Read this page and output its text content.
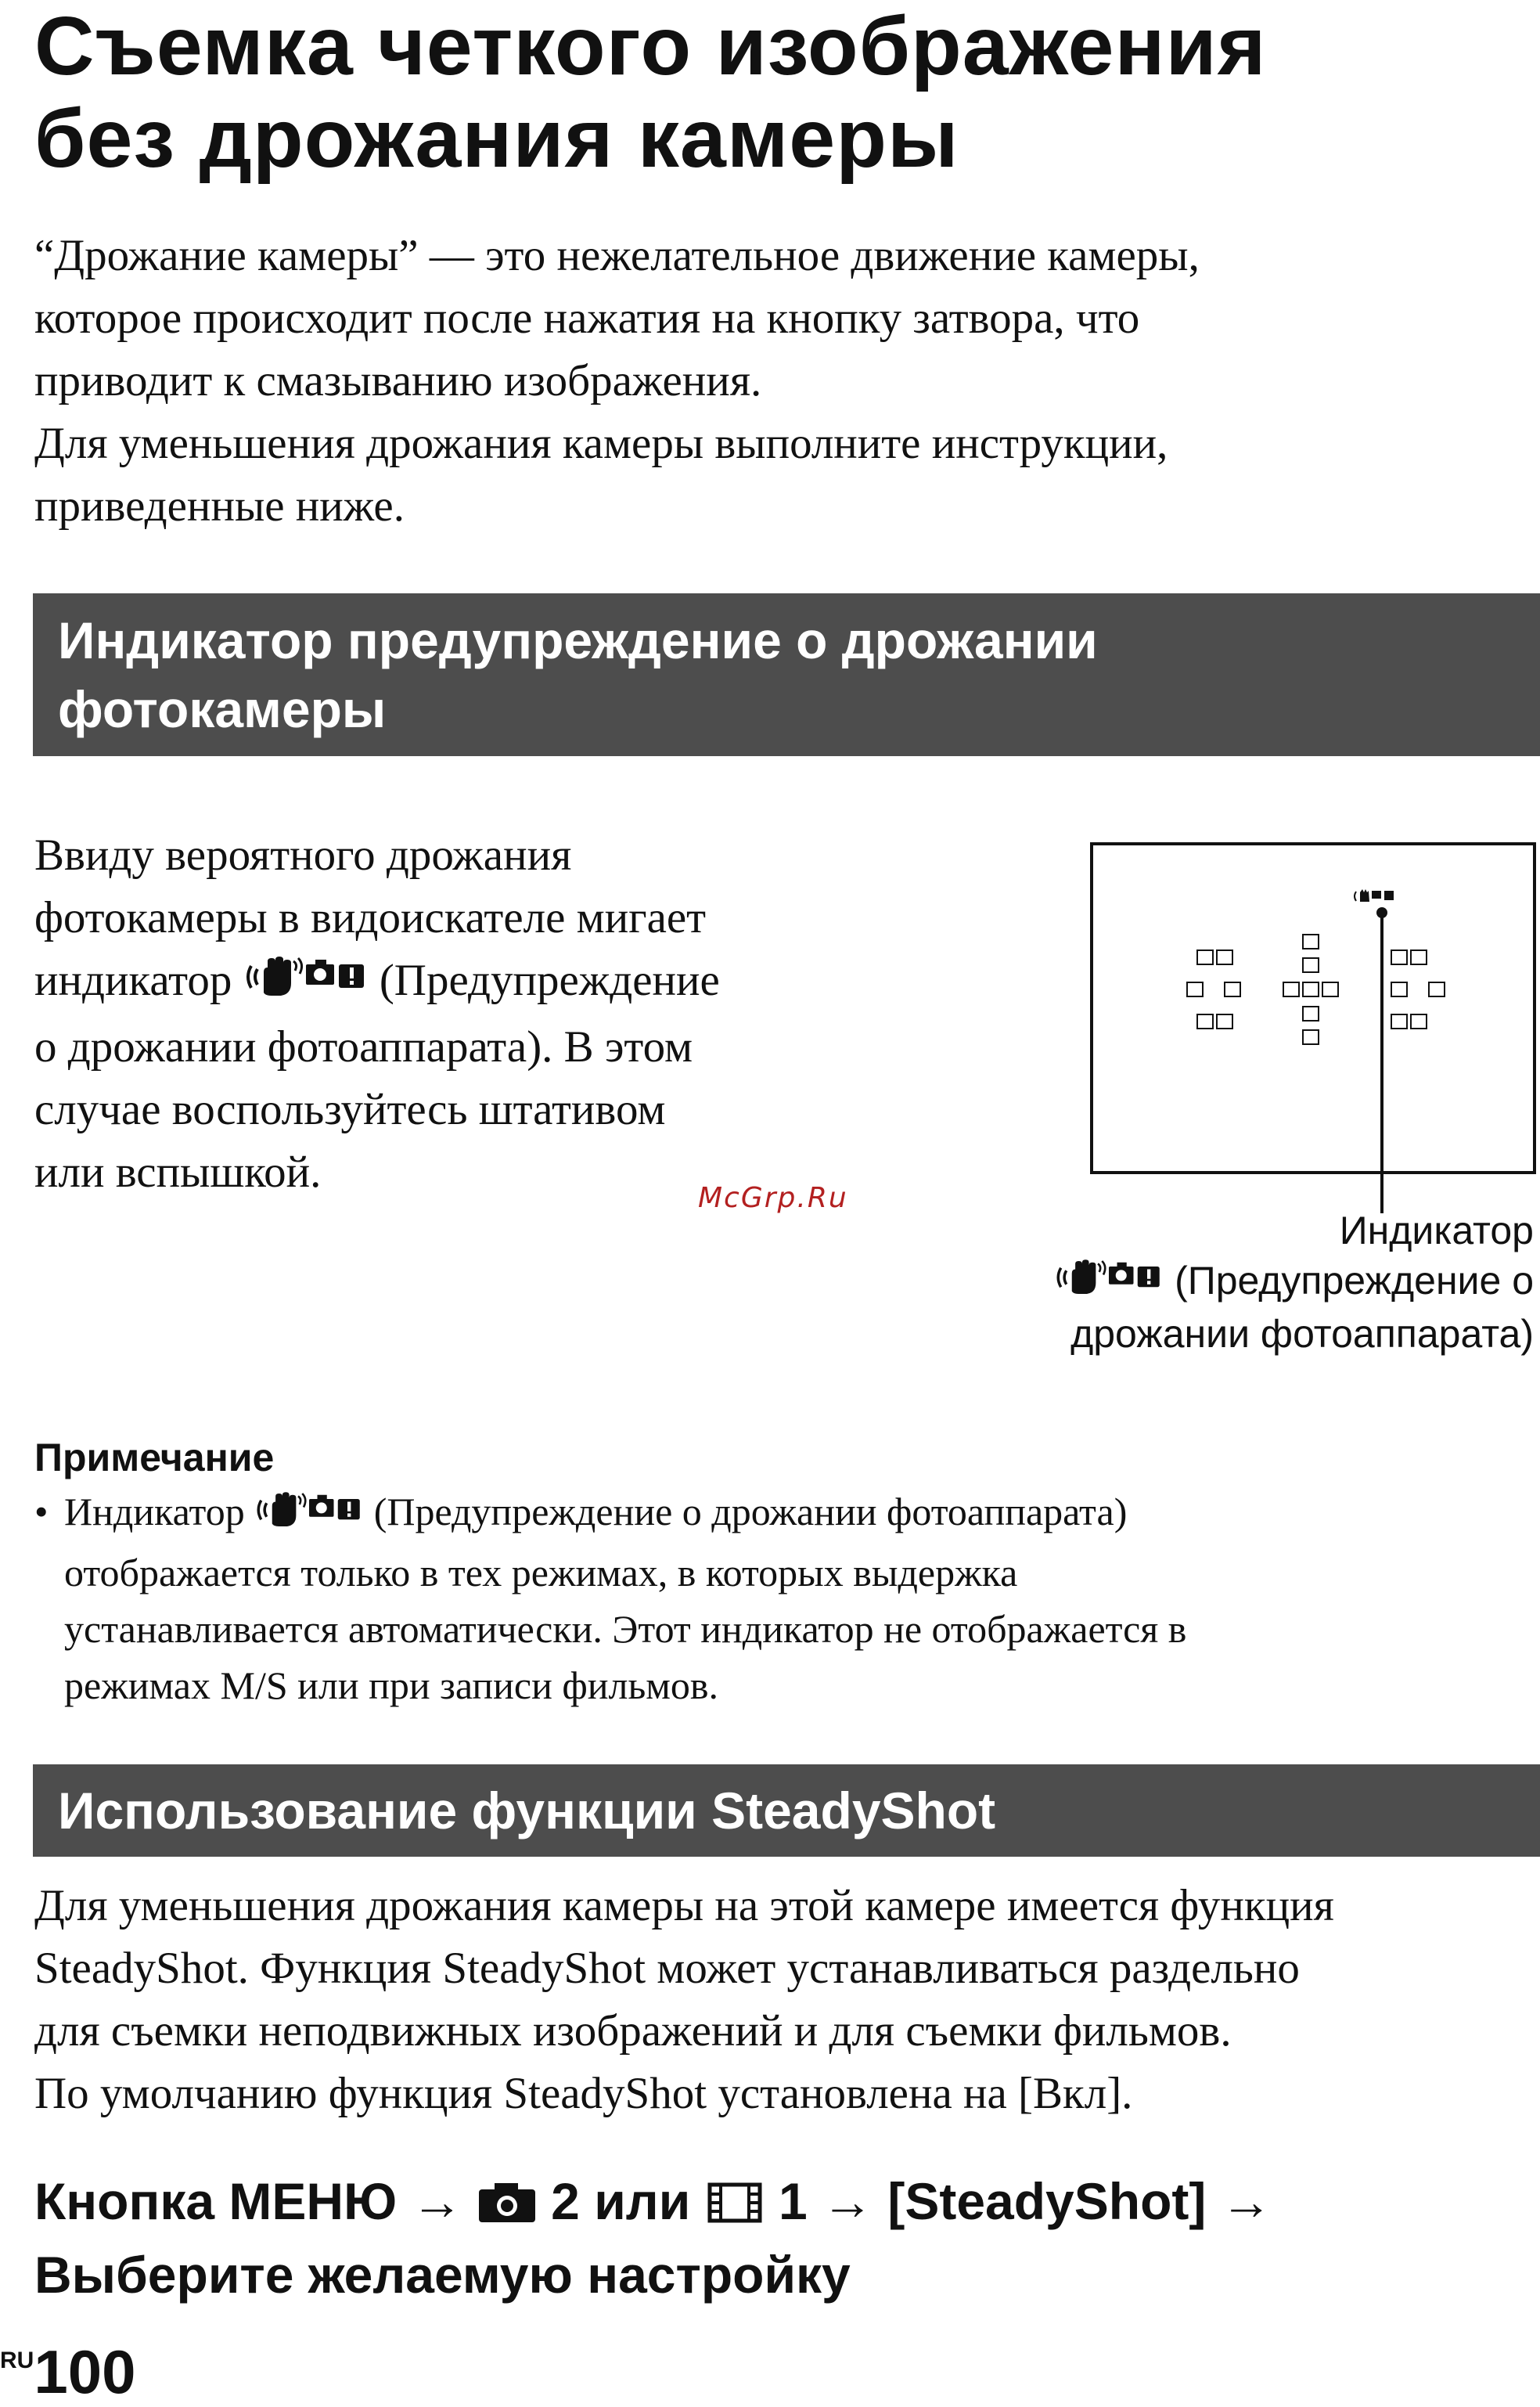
Съемка четкого изображения
без дрожания камеры

“Дрожание камеры” — это нежелательное движение камеры,

которое происходит после нажатия на кнопку затвора, что

приводит к смазыванию изображения.

Для уменьшения дрожания камеры выполните инструкции,

приведенные ниже.

Индикатор предупреждение о дрожании
фотокамеры

Ввиду вероятного дрожания

фотокамеры в видоискателе мигает

индикатор	(Предупреждение

о дрожании фотоаппарата). В этом

случае воспользуйтесь штативом

или вспышкой.

McGrp.Ru
Индикатор
(Предупреждение о
дрожании фотоаппарата)
Примечание
• Индикатор	(Предупреждение о дрожании фотоаппарата)
отображается только в тех режимах, в которых выдержка
устанавливается автоматически. Этот индикатор не отображается в
режимах M/S или при записи фильмов.
Использование функции SteadyShot

Для уменьшения дрожания камеры на этой камере имеется функция

SteadyShot. Функция SteadyShot может устанавливаться раздельно

для съемки неподвижных изображений и для съемки фильмов.

По умолчанию функция SteadyShot установлена на [Вкл].

Кнопка МЕНЮ → 2 или 1 → [SteadyShot] →
Выберите желаемую настройку
RU100
